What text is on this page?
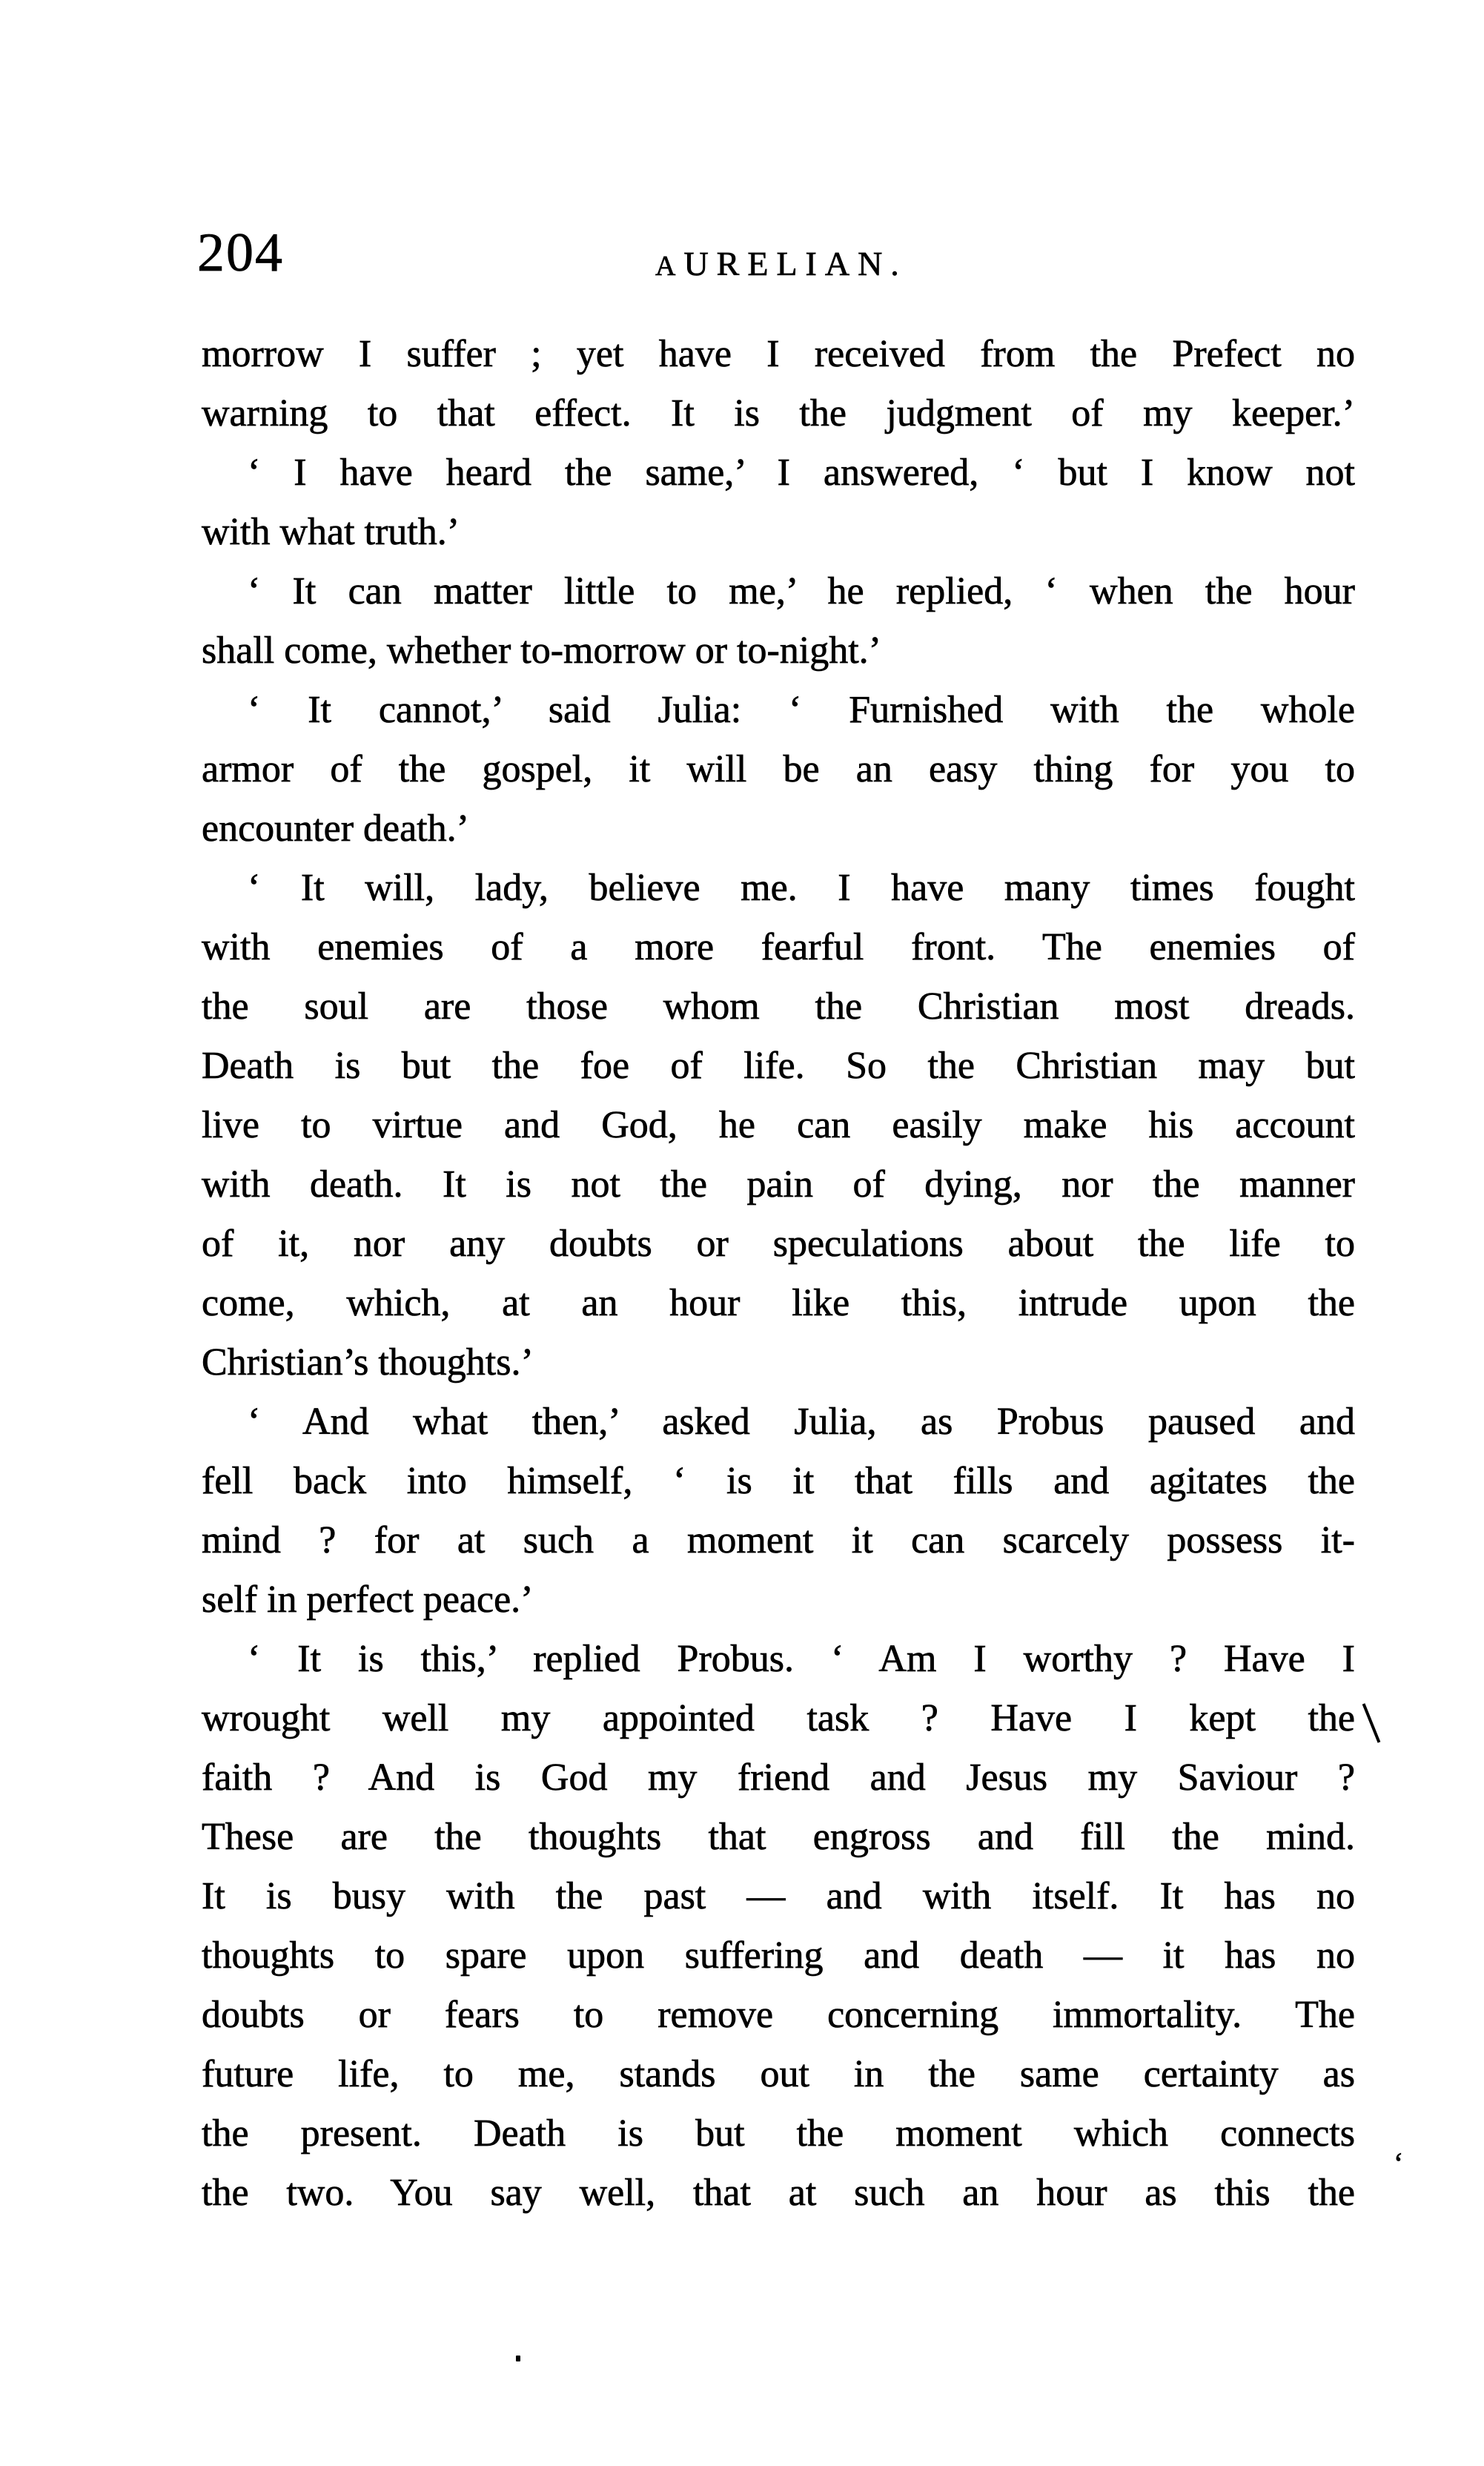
204	AURELIAN.
morrow I suffer ; yet have I received from the Prefect no
warning to that effect. It is the judgment of my keeper.’
‘ I have heard the same,’ I answered, ‘ but I know not
with what truth.’
‘ It can matter little to me,’ he replied, ‘ when the hour
shall come, whether to-morrow or to-night.’
‘ It cannot,’ said Julia: ‘ Furnished with the whole
armor of the gospel, it will be an easy thing for you to
encounter death.’
‘ It will, lady, believe me. I have many times fought
with enemies of a more fearful front. The enemies of
the soul are those whom the Christian most dreads.
Death is but the foe of life. So the Christian may but
live to virtue and God, he can easily make his account
with death. It is not the pain of dying, nor the manner
of it, nor any doubts or speculations about the life to
come, which, at an hour like this, intrude upon the
Christian’s thoughts.’
‘ And what then,’ asked Julia, as Probus paused and
fell back into himself, ‘ is it that fills and agitates the
mind ? for at such a moment it can scarcely possess it-
self in perfect peace.’
‘ It is this,’ replied Probus. ‘ Am I worthy ? Have I
wrought well my appointed task ? Have I kept the
faith ? And is God my friend and Jesus my Saviour ?
These are the thoughts that engross and fill the mind.
It is busy with the past — and with itself. It has no
thoughts to spare upon suffering and death — it has no
doubts or fears to remove concerning immortality. The
future life, to me, stands out in the same certainty as
the present. Death is but the moment which connects
the two. You say well, that at such an hour as this the
‘
